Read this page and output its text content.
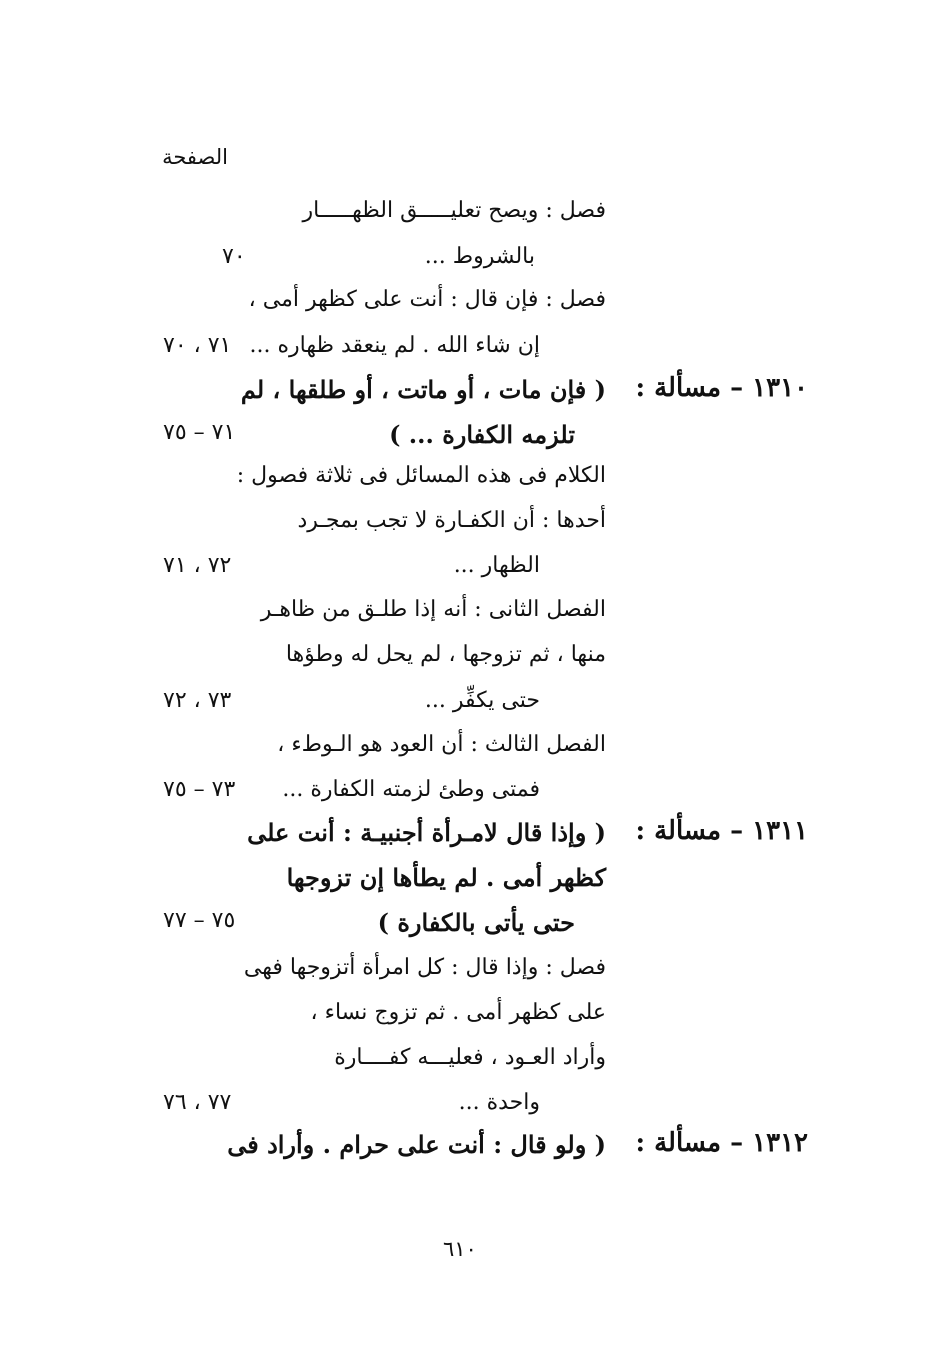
الصفحة
فصل : ويصح تعليـــــق الظهـــــار
بالشروط ...
٧٠
فصل : فإن قال : أنت على كظهر أمى ،
إن شاء الله . لم ينعقد ظهاره ...
٧١ ، ٧٠
( فإن مات ، أو ماتت ، أو طلقها ، لم
تلزمه الكفارة ... )
٧١ – ٧٥
الكلام فى هذه المسائل فى ثلاثة فصول :
أحدها : أن الكفـارة لا تجب بمجـرد
الظهار ...
٧٢ ، ٧١
الفصل الثانى : أنه إذا طلـق من ظاهـر
منها ، ثم تزوجها ، لم يحل له وطؤها
حتى يكفِّر ...
٧٣ ، ٧٢
الفصل الثالث : أن العود هو الـوطء ،
فمتى وطئ لزمته الكفارة ...
٧٣ – ٧٥
( وإذا قال لامـرأة أجنبيـة : أنت على
كظهر أمى . لم يطأها إن تزوجها
حتى يأتى بالكفارة )
٧٥ – ٧٧
فصل : وإذا قال : كل امرأة أتزوجها فهى
على كظهر أمى . ثم تزوج نساء ،
وأراد العـود ، فعليـــه كفــــارة
واحدة ...
٧٧ ، ٧٦
( ولو قال : أنت على حرام . وأراد فى
١٣١٠ – مسألة :
١٣١١ – مسألة :
١٣١٢ – مسألة :
٦١٠
